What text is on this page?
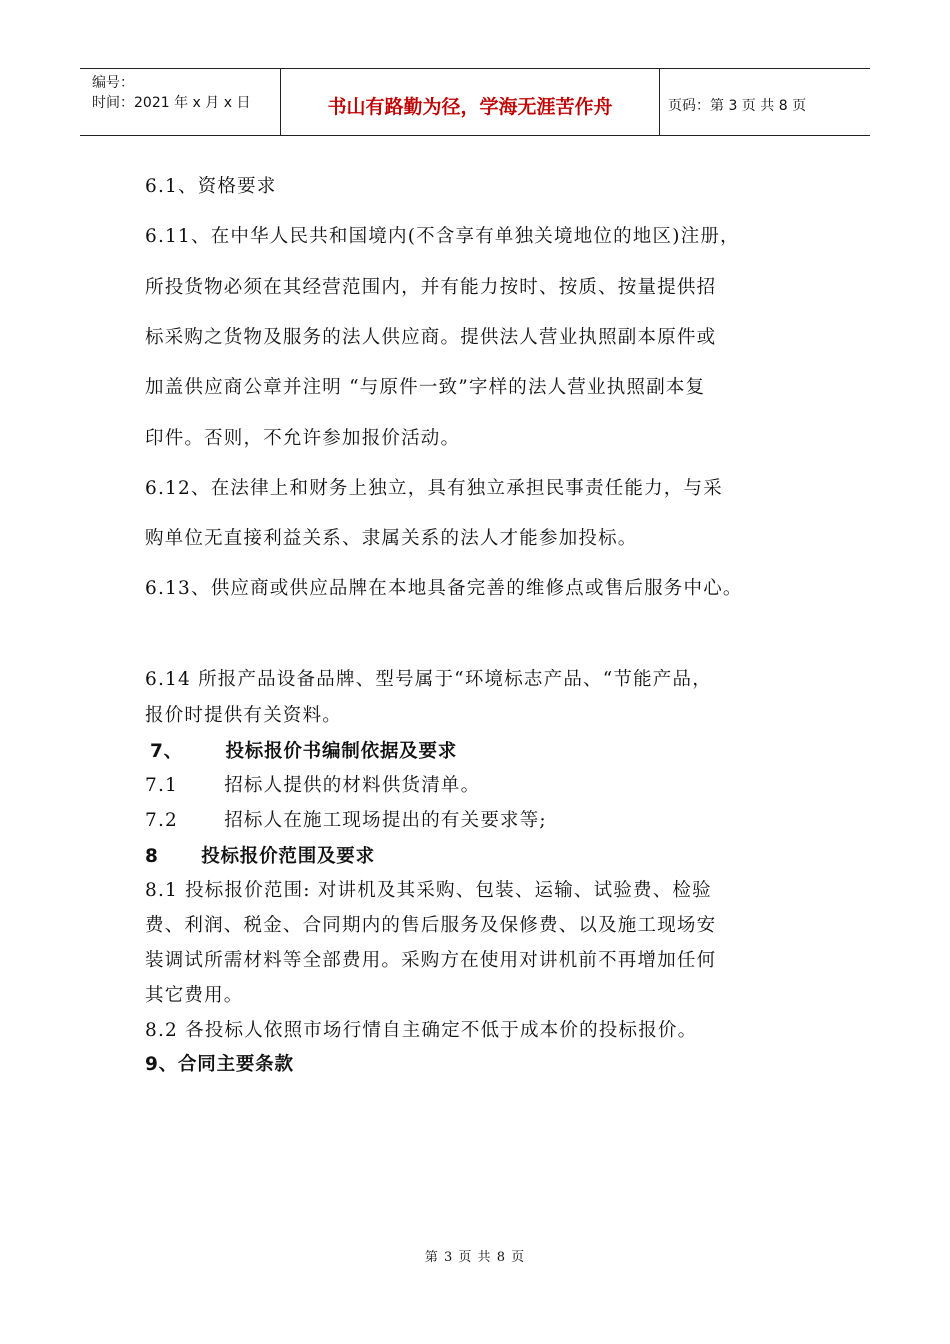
编号：
时间：2021 年 x 月 x 日	书山有路勤为径，学海无涯苦作舟	页码：第 3 页 共 8 页
6.1、资格要求
6.11、在中华人民共和国境内(不含享有单独关境地位的地区)注册，
所投货物必须在其经营范围内，并有能力按时、按质、按量提供招
标采购之货物及服务的法人供应商。提供法人营业执照副本原件或
加盖供应商公章并注明 “与原件一致”字样的法人营业执照副本复
印件。否则，不允许参加报价活动。
6.12、在法律上和财务上独立，具有独立承担民事责任能力，与采
购单位无直接利益关系、隶属关系的法人才能参加投标。
6.13、供应商或供应品牌在本地具备完善的维修点或售后服务中心。
6.14 所报产品设备品牌、型号属于“环境标志产品、“节能产品，
报价时提供有关资料。
7、 投标报价书编制依据及要求
7.1 招标人提供的材料供货清单。
7.2 招标人在施工现场提出的有关要求等;
8 投标报价范围及要求
8.1 投标报价范围: 对讲机及其采购、包装、运输、试验费、检验
费、利润、税金、合同期内的售后服务及保修费、以及施工现场安
装调试所需材料等全部费用。采购方在使用对讲机前不再增加任何
其它费用。
8.2 各投标人依照市场行情自主确定不低于成本价的投标报价。
9、合同主要条款
第 3 页 共 8 页
